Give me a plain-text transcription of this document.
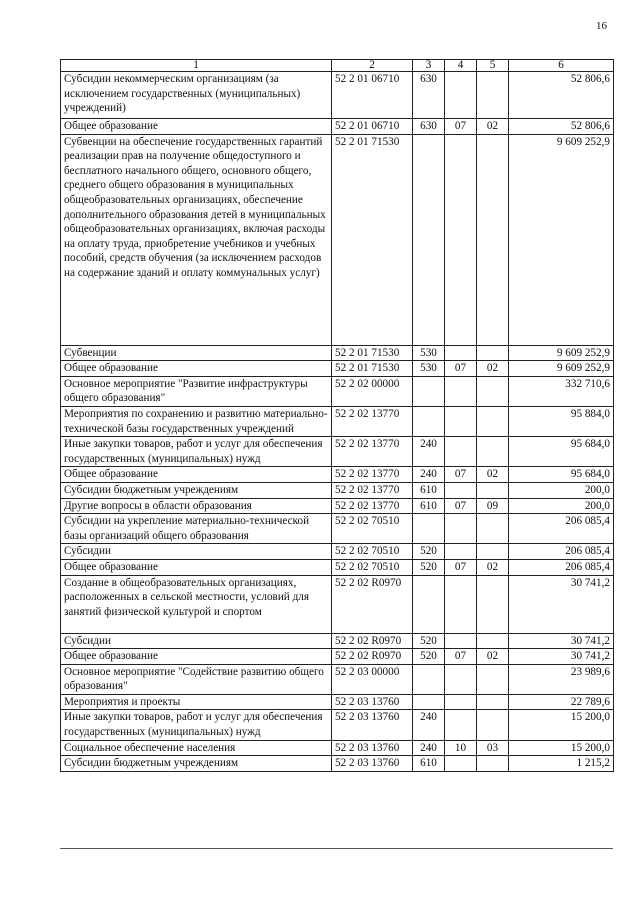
16
1	2	3	4	5	6
Субсидии некоммерческим организациям (за исключением государственных (муниципальных) учреждений)	52 2 01 06710	630			52 806,6
Общее образование	52 2 01 06710	630	07	02	52 806,6
Субвенции на обеспечение государственных гарантий реализации прав на получение общедоступного и бесплатного начального общего, основного общего, среднего общего образования в муниципальных общеобразовательных организациях, обеспечение дополнительного образования детей в муниципальных общеобразовательных организациях, включая расходы на оплату труда, приобретение учебников и учебных пособий, средств обучения (за исключением расходов на содержание зданий и оплату коммунальных услуг)	52 2 01 71530				9 609 252,9
Субвенции	52 2 01 71530	530			9 609 252,9
Общее образование	52 2 01 71530	530	07	02	9 609 252,9
Основное мероприятие "Развитие инфраструктуры общего образования"	52 2 02 00000				332 710,6
Мероприятия по сохранению и развитию материально-технической базы государственных учреждений	52 2 02 13770				95 884,0
Иные закупки товаров, работ и услуг для обеспечения государственных (муниципальных) нужд	52 2 02 13770	240			95 684,0
Общее образование	52 2 02 13770	240	07	02	95 684,0
Субсидии бюджетным учреждениям	52 2 02 13770	610			200,0
Другие вопросы в области образования	52 2 02 13770	610	07	09	200,0
Субсидии на укрепление материально-технической базы организаций общего образования	52 2 02 70510				206 085,4
Субсидии	52 2 02 70510	520			206 085,4
Общее образование	52 2 02 70510	520	07	02	206 085,4
Создание в общеобразовательных организациях, расположенных в сельской местности, условий для занятий физической культурой и спортом	52 2 02 R0970				30 741,2
Субсидии	52 2 02 R0970	520			30 741,2
Общее образование	52 2 02 R0970	520	07	02	30 741,2
Основное мероприятие "Содействие развитию общего образования"	52 2 03 00000				23 989,6
Мероприятия и проекты	52 2 03 13760				22 789,6
Иные закупки товаров, работ и услуг для обеспечения государственных (муниципальных) нужд	52 2 03 13760	240			15 200,0
Социальное обеспечение населения	52 2 03 13760	240	10	03	15 200,0
Субсидии бюджетным учреждениям	52 2 03 13760	610			1 215,2
